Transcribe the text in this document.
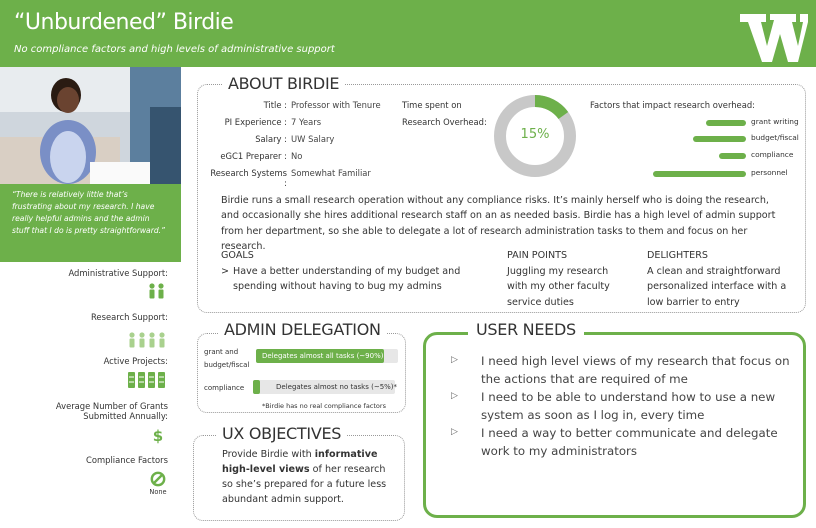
“Unburdened” Birdie
No compliance factors and high levels of administrative support
“There is relatively little that’s frustrating about my research. I have really helpful admins and the admin stuff that I do is pretty straightforward.”
Administrative Support:
Research Support:
Active Projects:
Average Number of Grants Submitted Annually:
$
Compliance Factors
None
ABOUT BIRDIE
Title : Professor with Tenure
PI Experience : 7 Years
Salary : UW Salary
eGC1 Preparer : No
Research Systems :
Somewhat Familiar
Time spent on
Research Overhead:
15%
Factors that impact research overhead:
grant writing
budget/fiscal
compliance
personnel
Birdie runs a small research operation without any compliance risks. It’s mainly herself who is doing the research, and occasionally she hires additional research staff on an as needed basis. Birdie has a high level of admin support from her department, so she able to delegate a lot of research administration tasks to them and focus on her research.
GOALS
> Have a better understanding of my budget and spending without having to bug my admins
PAIN POINTS
Juggling my research with my other faculty service duties
DELIGHTERS
A clean and straightforward personalized interface with a low barrier to entry
ADMIN DELEGATION
grant and budget/fiscal
Delegates almost all tasks (~90%)
compliance	Delegates almost no tasks (~5%)*
*Birdie has no real compliance factors
UX OBJECTIVES
Provide Birdie with informative
high-level views of her research so she’s prepared for a future less abundant admin support.
USER NEEDS
▷ I need high level views of my research that focus on the actions that are required of me
▷ I need to be able to understand how to use a new system as soon as I log in, every time
▷ I need a way to better communicate and delegate work to my administrators
